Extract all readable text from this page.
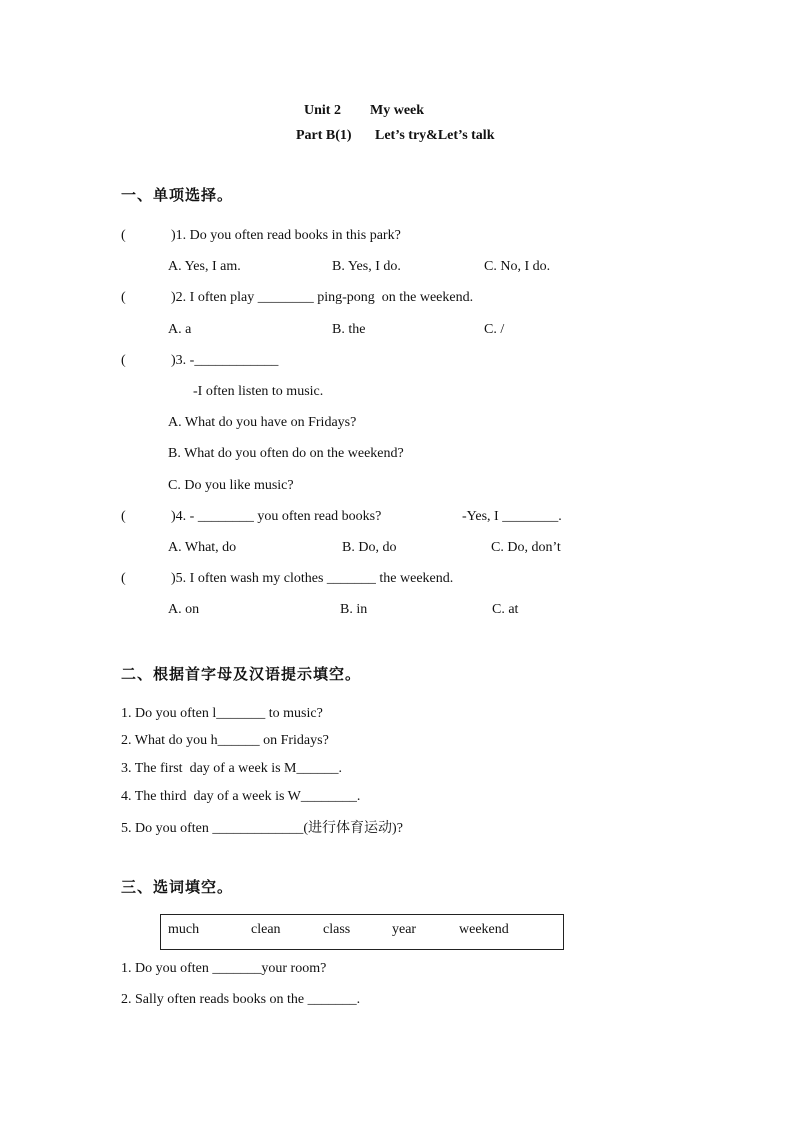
Unit 2 My week
Part B(1) Let’s try&Let’s talk
一、单项选择。
(	)1. Do you often read books in this park?
A. Yes, I am.	B. Yes, I do.	C. No, I do.
(	)2. I often play ________ ping-pong  on the weekend.
A. a	B. the	C. /
(	)3. -____________
-I often listen to music.
A. What do you have on Fridays?
B. What do you often do on the weekend?
C. Do you like music?
(	)4. - ________ you often read books?	-Yes, I ________.
A. What, do	B. Do, do	C. Do, don’t
(	)5. I often wash my clothes _______ the weekend.
A. on	B. in	C. at
二、根据首字母及汉语提示填空。
1. Do you often l_______ to music?
2. What do you h______ on Fridays?
3. The first  day of a week is M______.
4. The third  day of a week is W________.
5. Do you often _____________(进行体育运动)?
三、选词填空。
much	clean	class	year	weekend
1. Do you often _______your room?
2. Sally often reads books on the _______.
